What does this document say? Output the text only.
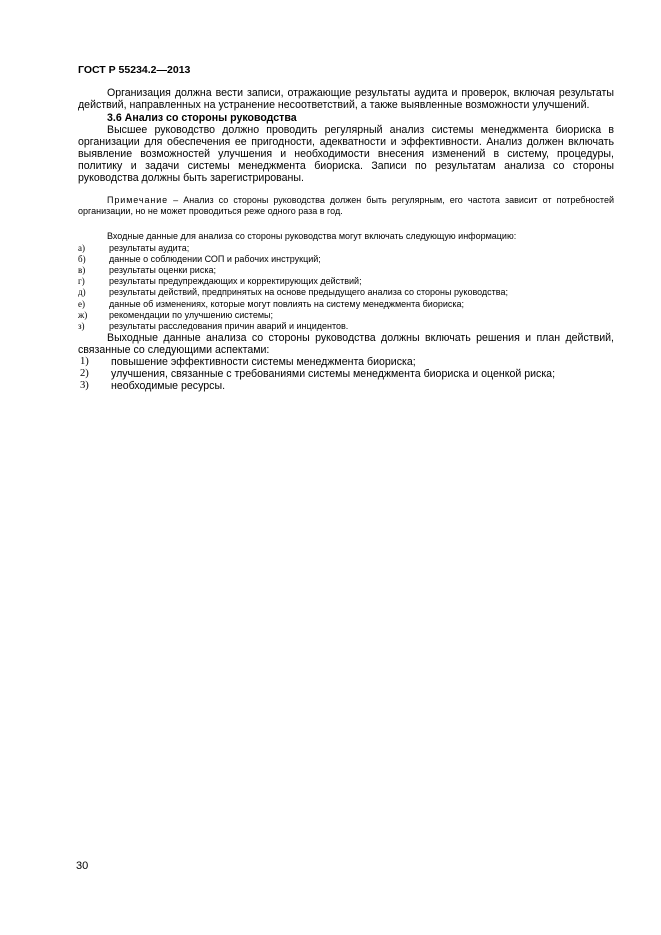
ГОСТ Р 55234.2—2013

Организация должна вести записи, отражающие результаты аудита и проверок, включая результаты действий, направленных на устранение несоответствий, а также выявленные возможности улучшений.

3.6 Анализ со стороны руководства

Высшее руководство должно проводить регулярный анализ системы менеджмента биориска в организации для обеспечения ее пригодности, адекватности и эффективности. Анализ должен включать выявление возможностей улучшения и необходимости внесения изменений в систему, процедуры, политику и задачи системы менеджмента биориска. Записи по результатам анализа со стороны руководства должны быть зарегистрированы.

Примечание – Анализ со стороны руководства должен быть регулярным, его частота зависит от потребностей организации, но не может проводиться реже одного раза в год.

Входные данные для анализа со стороны руководства могут включать следующую информацию:

а)	результаты аудита;
б)	данные о соблюдении СОП и рабочих инструкций;
в)	результаты оценки риска;
г)	результаты предупреждающих и корректирующих действий;
д)	результаты действий, предпринятых на основе предыдущего анализа со стороны руководства;
е)	данные об изменениях, которые могут повлиять на систему менеджмента биориска;
ж)	рекомендации по улучшению системы;
з)	результаты расследования причин аварий и инцидентов.

Выходные данные анализа со стороны руководства должны включать решения и план действий, связанные со следующими аспектами:

1)	повышение эффективности системы менеджмента биориска;
2)	улучшения, связанные с требованиями системы менеджмента биориска и оценкой риска;
3)	необходимые ресурсы.
30
